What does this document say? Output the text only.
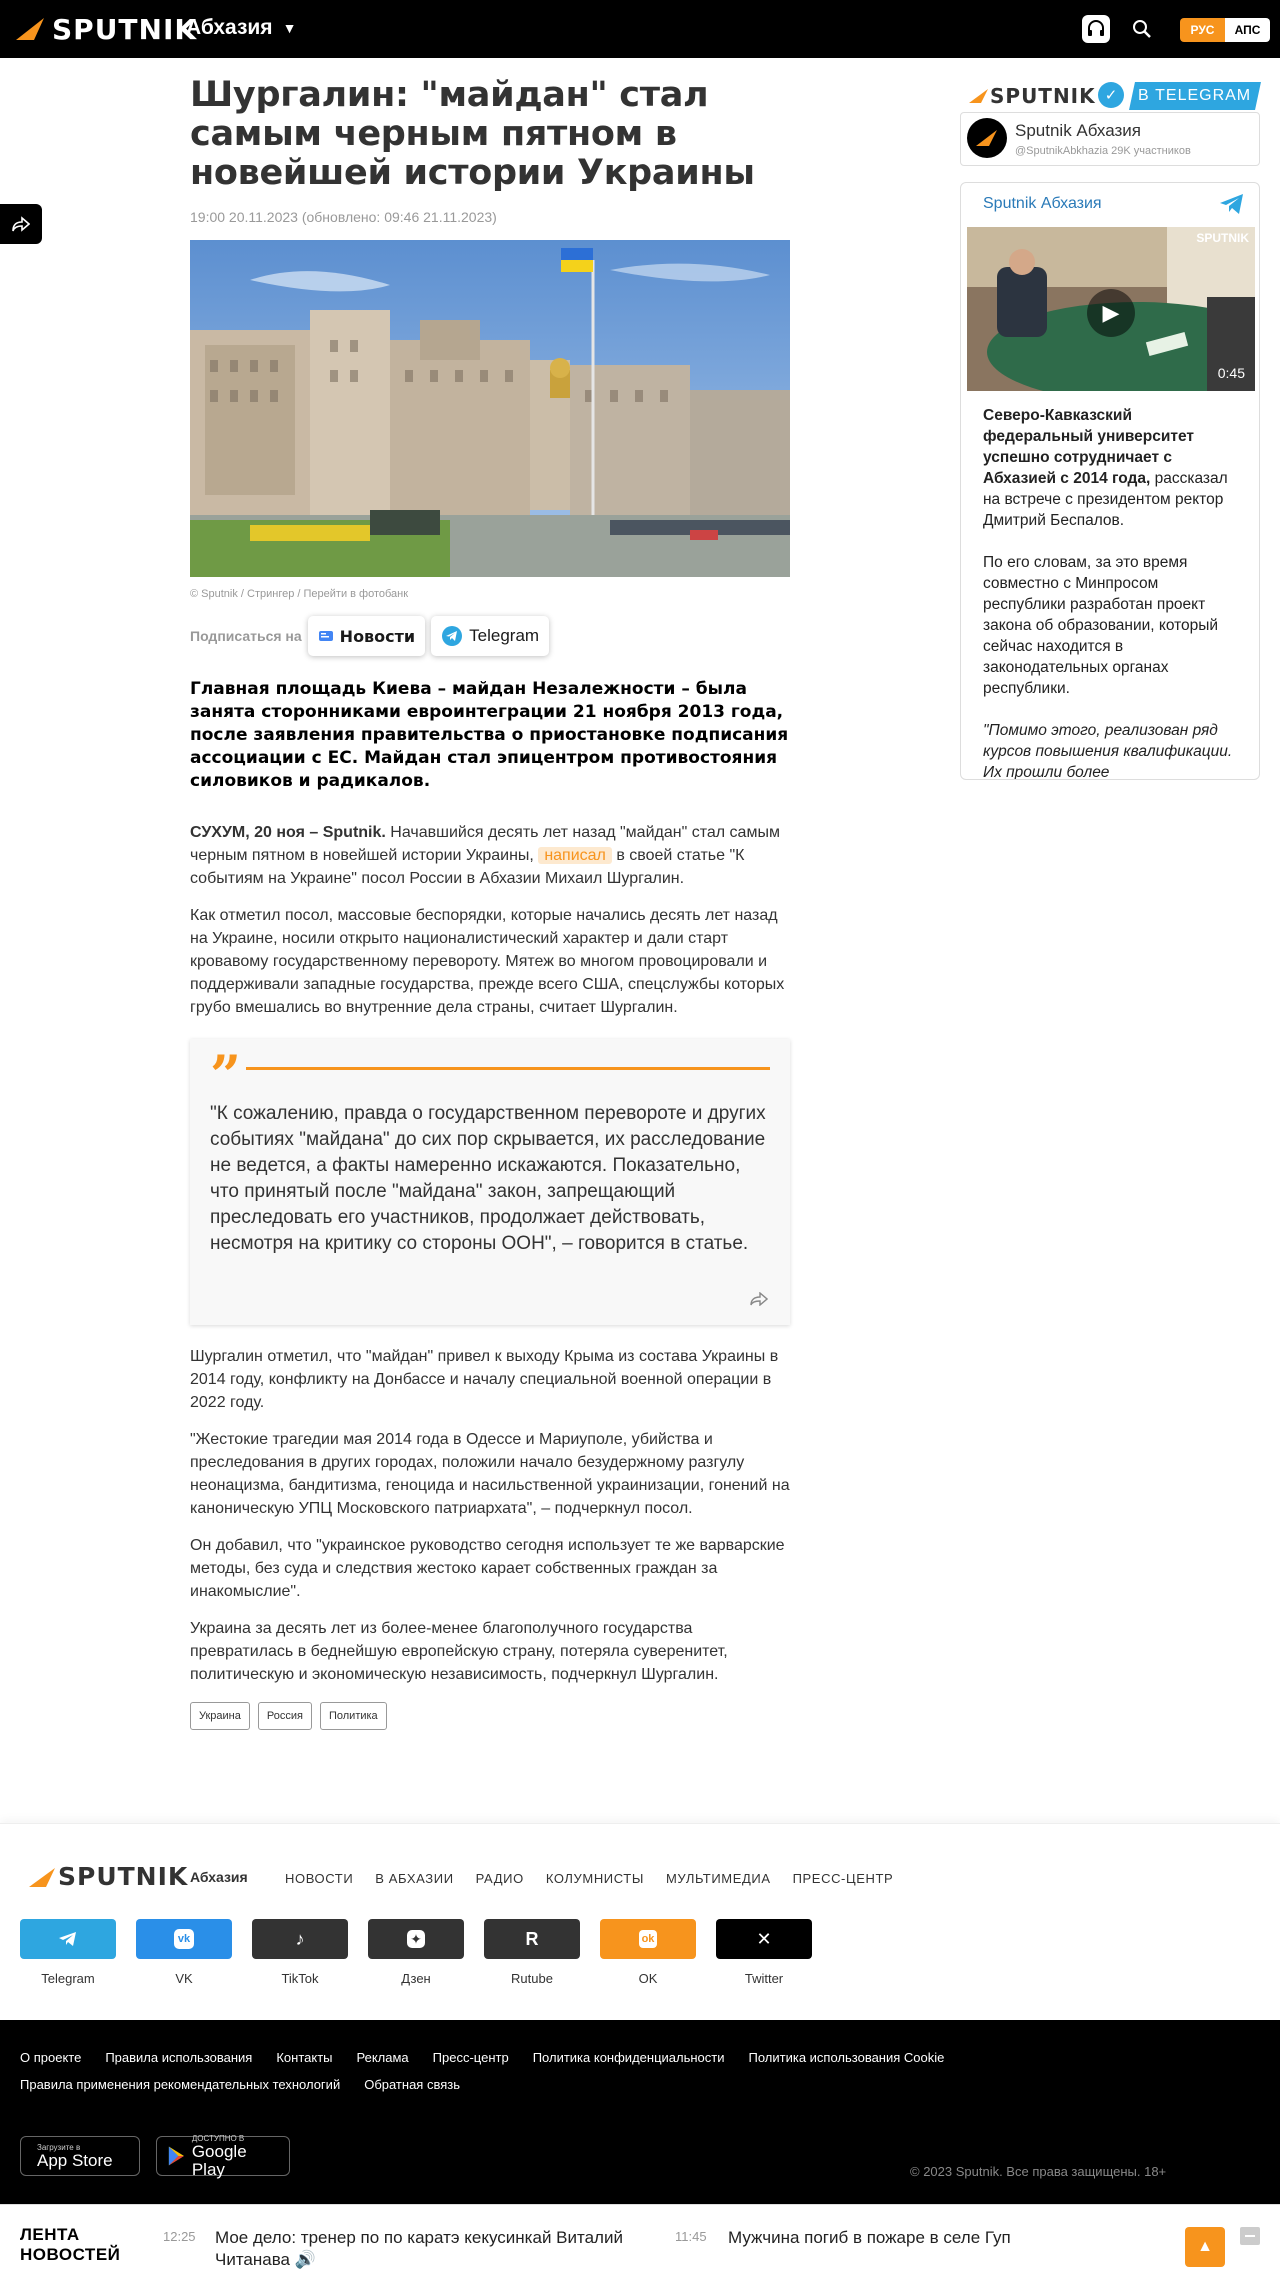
SPUTNIK
Абхазия ▼	РУС	АПС
Шургалин: "майдан" стал самым черным пятном в новейшей истории Украины
19:00 20.11.2023 (обновлено: 09:46 21.11.2023)
© Sputnik / Стрингер / Перейти в фотобанк
Подписаться на Новости	Telegram
Главная площадь Киева – майдан Незалежности – была занята сторонниками евроинтеграции 21 ноября 2013 года, после заявления правительства о приостановке подписания ассоциации с ЕС. Майдан стал эпицентром противостояния силовиков и радикалов.

СУХУМ, 20 ноя – Sputnik. Начавшийся десять лет назад "майдан" стал самым черным пятном в новейшей истории Украины, написал в своей статье "К событиям на Украине" посол России в Абхазии Михаил Шургалин.

Как отметил посол, массовые беспорядки, которые начались десять лет назад на Украине, носили открыто националистический характер и дали старт кровавому государственному перевороту. Мятеж во многом провоцировали и поддерживали западные государства, прежде всего США, спецслужбы которых грубо вмешались во внутренние дела страны, считает Шургалин.

”
"К сожалению, правда о государственном перевороте и других событиях "майдана" до сих пор скрывается, их расследование не ведется, а факты намеренно искажаются. Показательно, что принятый после "майдана" закон, запрещающий преследовать его участников, продолжает действовать, несмотря на критику со стороны ООН", – говорится в статье.

Шургалин отметил, что "майдан" привел к выходу Крыма из состава Украины в 2014 году, конфликту на Донбассе и началу специальной военной операции в 2022 году.

"Жестокие трагедии мая 2014 года в Одессе и Мариуполе, убийства и преследования в других городах, положили начало безудержному разгулу неонацизма, бандитизма, геноцида и насильственной украинизации, гонений на каноническую УПЦ Московского патриархата", – подчеркнул посол.

Он добавил, что "украинское руководство сегодня использует те же варварские методы, без суда и следствия жестоко карает собственных граждан за инакомыслие".

Украина за десять лет из более-менее благополучного государства превратилась в беднейшую европейскую страну, потеряла суверенитет, политическую и экономическую независимость, подчеркнул Шургалин.

Украина	Россия	Политика
SPUTNIK ✓	В TELEGRAM
Sputnik Абхазия
@SputnikAbkhazia 29K участников
Sputnik Абхазия
SPUTNIK
▶
0:45

Северо-Кавказский федеральный университет успешно сотрудничает с Абхазией с 2014 года, рассказал на встрече с президентом ректор Дмитрий Беспалов.

По его словам, за это время совместно с Минпросом республики разработан проект закона об образовании, который сейчас находится в законодательных органах республики.

"Помимо этого, реализован ряд курсов повышения квалификации. Их прошли более

SPUTNIK Абхазия	НОВОСТИ В АБХАЗИИ РАДИО КОЛУМНИСТЫ МУЛЬТИМЕДИА ПРЕСС-ЦЕНТР
Telegram
vk
VK
♪
TikTok
✦
Дзен
R
Rutube
ok
OK
✕
Twitter
О проекте Правила использования Контакты Реклама Пресс-центр Политика конфиденциальности Политика использования Cookie
Правила применения рекомендательных технологий Обратная связь
Загрузите в
App Store
ДОСТУПНО В
Google Play	© 2023 Sputnik. Все права защищены. 18+
ЛЕНТА
НОВОСТЕЙ
12:25 Мое дело: тренер по по каратэ кекусинкай Виталий Читанава 🔊
11:45 Мужчина погиб в пожаре в селе Гуп	▲
